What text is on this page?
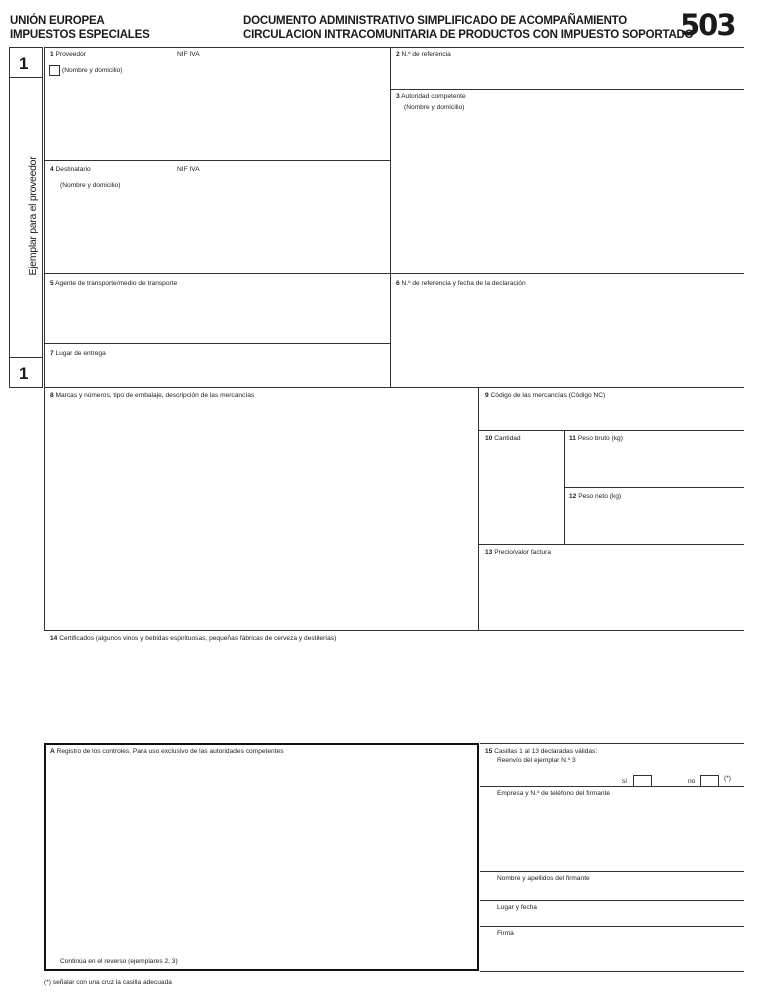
UNIÓN EUROPEA
IMPUESTOS ESPECIALES
DOCUMENTO ADMINISTRATIVO SIMPLIFICADO DE ACOMPAÑAMIENTO
CIRCULACION INTRACOMUNITARIA DE PRODUCTOS CON IMPUESTO SOPORTADO
503
1
1
Ejemplar para el proveedor
1 Proveedor
(Nombre y domicilio)
NIF IVA	2 N.º de referencia
3 Autoridad competente
(Nombre y domicilio)
4 Destinatario	NIF IVA
(Nombre y domicilio)
5 Agente de transporte/medio de transporte	6 N.º de referencia y fecha de la declaración
7 Lugar de entrega
8 Marcas y números, tipo de embalaje, descripción de las mercancías	9 Código de las mercancías (Código NC)
10 Cantidad	11 Peso bruto (kg)
12 Peso neto (kg)
13 Precio/valor factura
14 Certificados (algunos vinos y bebidas espirituosas, pequeñas fábricas de cerveza y destilerías)
A Registro de los controles. Para uso exclusivo de las autoridades competentes
Continúa en el reverso (ejemplares 2, 3)
15 Casillas 1 al 13 declaradas válidas:
Reenvío del ejemplar N.º 3
sí	no	(*)
Empresa y N.º de teléfono del firmante
Nombre y apellidos del firmante
Lugar y fecha
Firma
(*) señalar con una cruz la casilla adecuada
